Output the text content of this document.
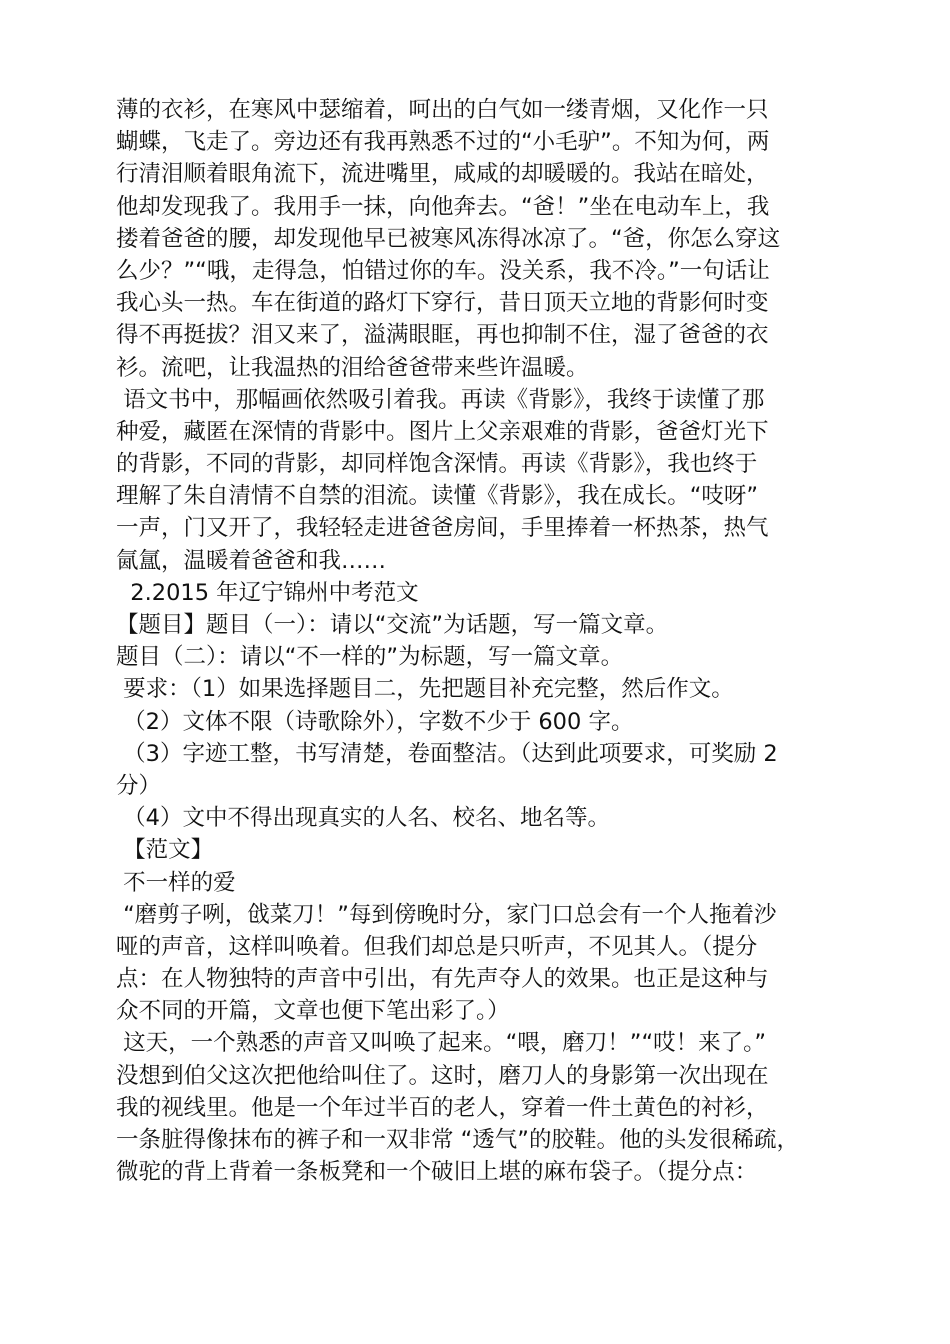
薄的衣衫，在寒风中瑟缩着，呵出的白气如一缕青烟，又化作一只
蝴蝶，飞走了。旁边还有我再熟悉不过的“小毛驴”。不知为何，两
行清泪顺着眼角流下，流进嘴里，咸咸的却暖暖的。我站在暗处，
他却发现我了。我用手一抹，向他奔去。“爸！”坐在电动车上，我
搂着爸爸的腰，却发现他早已被寒风冻得冰凉了。“爸，你怎么穿这
么少？”“哦，走得急，怕错过你的车。没关系，我不冷。”一句话让
我心头一热。车在街道的路灯下穿行，昔日顶天立地的背影何时变
得不再挺拔？泪又来了，溢满眼眶，再也抑制不住，湿了爸爸的衣
衫。流吧，让我温热的泪给爸爸带来些许温暖。
语文书中，那幅画依然吸引着我。再读《背影》，我终于读懂了那
种爱，藏匿在深情的背影中。图片上父亲艰难的背影，爸爸灯光下
的背影，不同的背影，却同样饱含深情。再读《背影》，我也终于
理解了朱自清情不自禁的泪流。读懂《背影》，我在成长。“吱呀”
一声，门又开了，我轻轻走进爸爸房间，手里捧着一杯热茶，热气
氤氲，温暖着爸爸和我……
2.2015 年辽宁锦州中考范文
【题目】题目（一）：请以“交流”为话题，写一篇文章。
题目（二）：请以“不一样的”为标题，写一篇文章。
要求：（1）如果选择题目二，先把题目补充完整，然后作文。
（2）文体不限（诗歌除外），字数不少于 600 字。
（3）字迹工整，书写清楚，卷面整洁。（达到此项要求，可奖励 2
分）
（4）文中不得出现真实的人名、校名、地名等。
【范文】
不一样的爱
“磨剪子咧，戗菜刀！”每到傍晚时分，家门口总会有一个人拖着沙
哑的声音，这样叫唤着。但我们却总是只听声，不见其人。（提分
点：在人物独特的声音中引出，有先声夺人的效果。也正是这种与
众不同的开篇，文章也便下笔出彩了。）
这天，一个熟悉的声音又叫唤了起来。“喂，磨刀！”“哎！来了。”
没想到伯父这次把他给叫住了。这时，磨刀人的身影第一次出现在
我的视线里。他是一个年过半百的老人，穿着一件土黄色的衬衫，
一条脏得像抹布的裤子和一双非常 “透气”的胶鞋。他的头发很稀疏，
微驼的背上背着一条板凳和一个破旧上堪的麻布袋子。（提分点：
